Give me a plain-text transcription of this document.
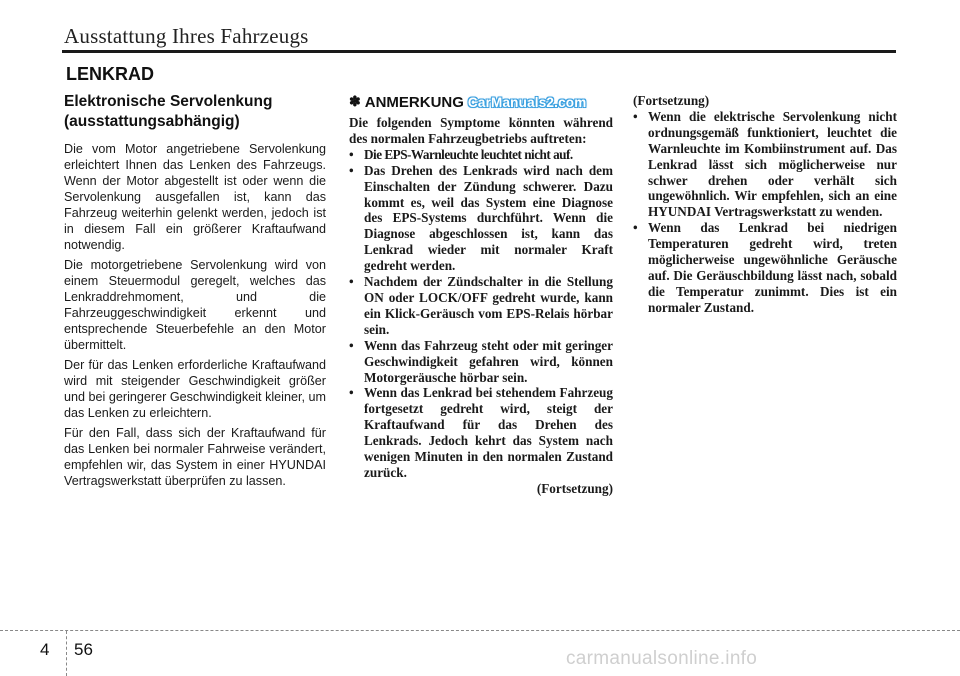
Ausstattung Ihres Fahrzeugs
LENKRAD
Elektronische Servolenkung (ausstattungsabhängig)

Die vom Motor angetriebene Servolenkung erleichtert Ihnen das Lenken des Fahrzeugs. Wenn der Motor abgestellt ist oder wenn die Servolenkung ausgefallen ist, kann das Fahrzeug weiterhin gelenkt werden, jedoch ist in diesem Fall ein größerer Kraftaufwand notwendig.

Die motorgetriebene Servolenkung wird von einem Steuermodul geregelt, welches das Lenkraddrehmoment, und die Fahrzeuggeschwindigkeit erkennt und entsprechende Steuerbefehle an den Motor übermittelt.

Der für das Lenken erforderliche Kraftaufwand wird mit steigender Geschwindigkeit größer und bei geringerer Geschwindigkeit kleiner, um das Lenken zu erleichtern.

Für den Fall, dass sich der Kraftaufwand für das Lenken bei normaler Fahrweise verändert, empfehlen wir, das System in einer HYUNDAI Vertragswerkstatt überprüfen zu lassen.

✽ ANMERKUNG CarManuals2.com

Die folgenden Symptome könnten während des normalen Fahrzeugbetriebs auftreten:

• Die EPS-Warnleuchte leuchtet nicht auf.
• Das Drehen des Lenkrads wird nach dem Einschalten der Zündung schwerer. Dazu kommt es, weil das System eine Diagnose des EPS-Systems durchführt. Wenn die Diagnose abgeschlossen ist, kann das Lenkrad wieder mit normaler Kraft gedreht werden.
• Nachdem der Zündschalter in die Stellung ON oder LOCK/OFF gedreht wurde, kann ein Klick-Geräusch vom EPS-Relais hörbar sein.
• Wenn das Fahrzeug steht oder mit geringer Geschwindigkeit gefahren wird, können Motorgeräusche hörbar sein.
• Wenn das Lenkrad bei stehendem Fahrzeug fortgesetzt gedreht wird, steigt der Kraftaufwand für das Drehen des Lenkrads. Jedoch kehrt das System nach wenigen Minuten in den normalen Zustand zurück.

(Fortsetzung)

(Fortsetzung)

• Wenn die elektrische Servolenkung nicht ordnungsgemäß funktioniert, leuchtet die Warnleuchte im Kombiinstrument auf. Das Lenkrad lässt sich möglicherweise nur schwer drehen oder verhält sich ungewöhnlich. Wir empfehlen, sich an eine HYUNDAI Vertragswerkstatt zu wenden.
• Wenn das Lenkrad bei niedrigen Temperaturen gedreht wird, treten möglicherweise ungewöhnliche Geräusche auf. Die Geräuschbildung lässt nach, sobald die Temperatur zunimmt. Dies ist ein normaler Zustand.
4 56	carmanualsonline.info
